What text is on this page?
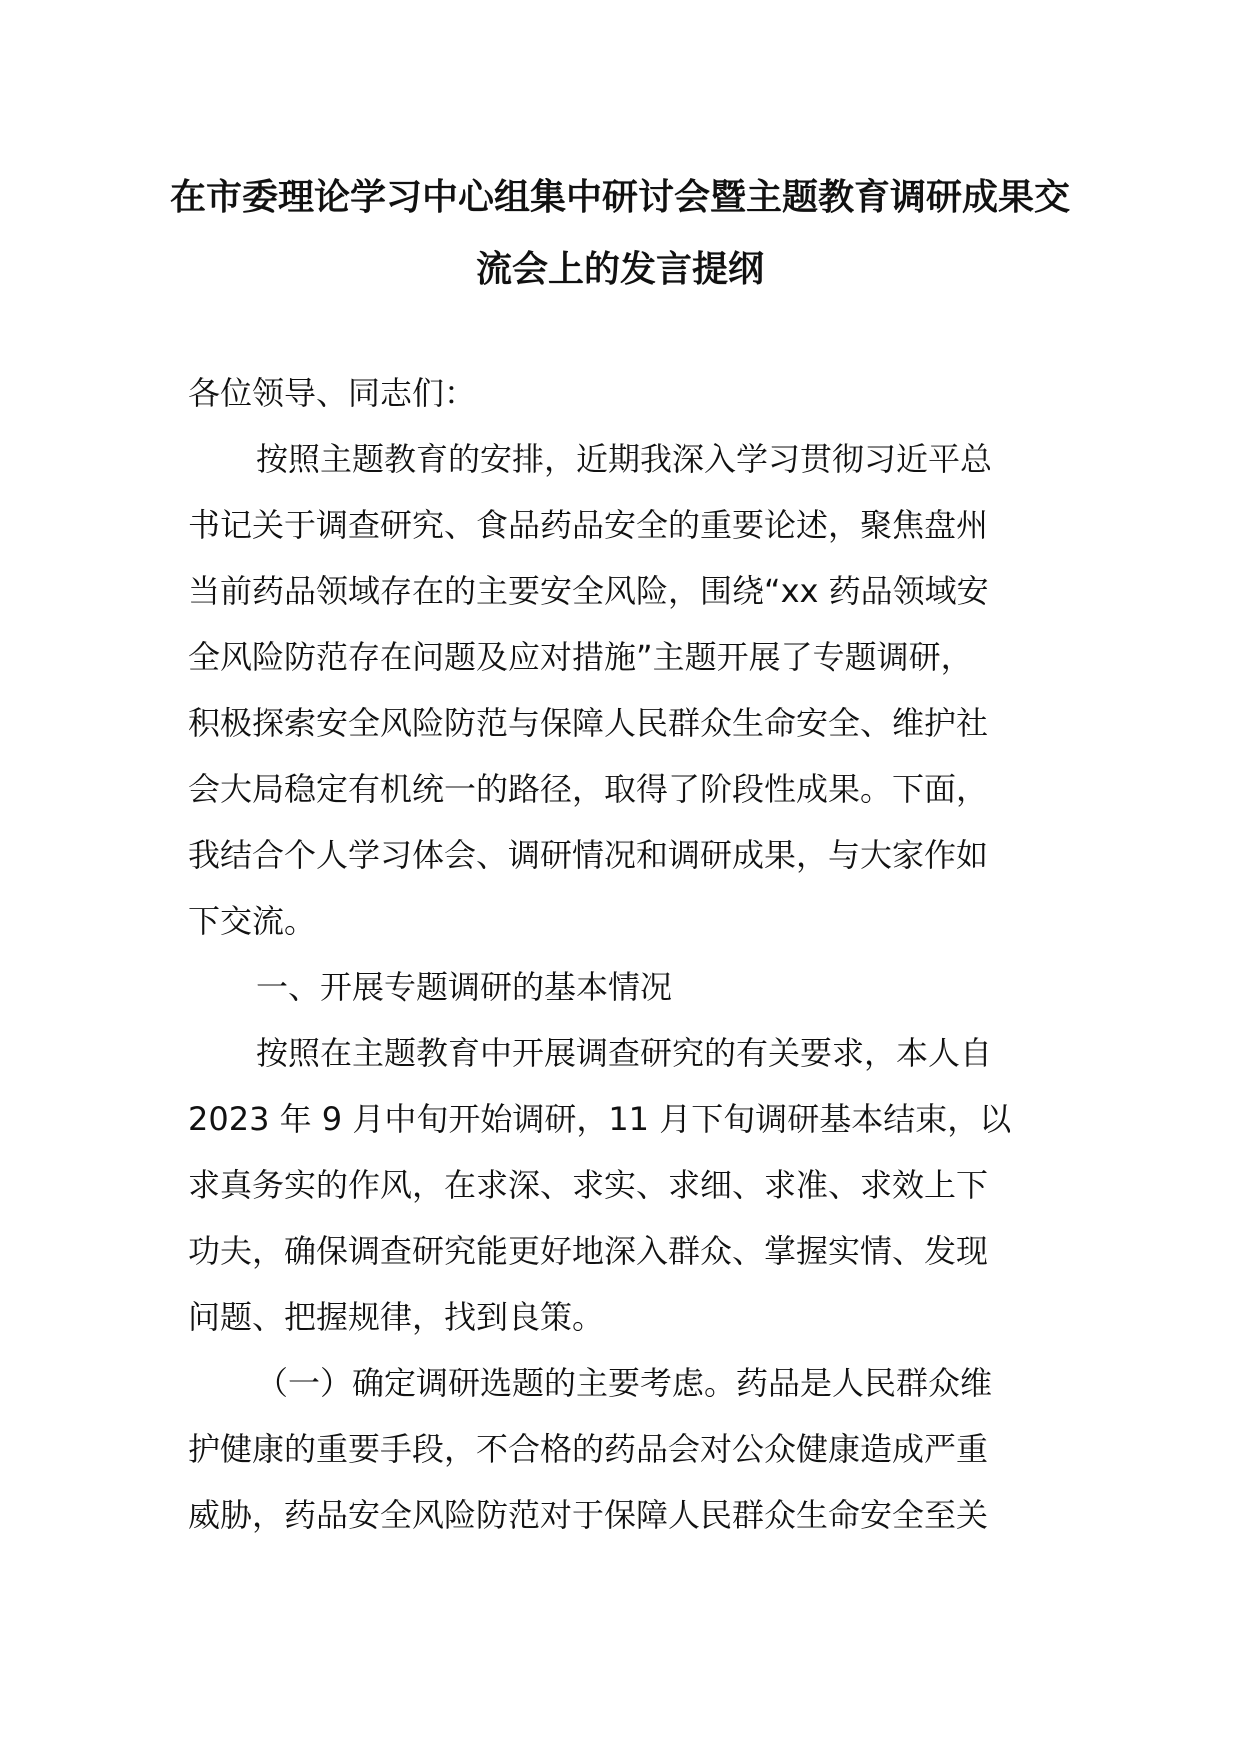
在市委理论学习中心组集中研讨会暨主题教育调研成果交
流会上的发言提纲
各位领导、同志们：
按照主题教育的安排，近期我深入学习贯彻习近平总
书记关于调查研究、食品药品安全的重要论述，聚焦盘州
当前药品领域存在的主要安全风险，围绕“xx 药品领域安
全风险防范存在问题及应对措施”主题开展了专题调研，
积极探索安全风险防范与保障人民群众生命安全、维护社
会大局稳定有机统一的路径，取得了阶段性成果。下面，
我结合个人学习体会、调研情况和调研成果，与大家作如
下交流。
一、开展专题调研的基本情况
按照在主题教育中开展调查研究的有关要求，本人自
2023 年 9 月中旬开始调研，11 月下旬调研基本结束，以
求真务实的作风，在求深、求实、求细、求准、求效上下
功夫，确保调查研究能更好地深入群众、掌握实情、发现
问题、把握规律，找到良策。
（一）确定调研选题的主要考虑。药品是人民群众维
护健康的重要手段，不合格的药品会对公众健康造成严重
威胁，药品安全风险防范对于保障人民群众生命安全至关
